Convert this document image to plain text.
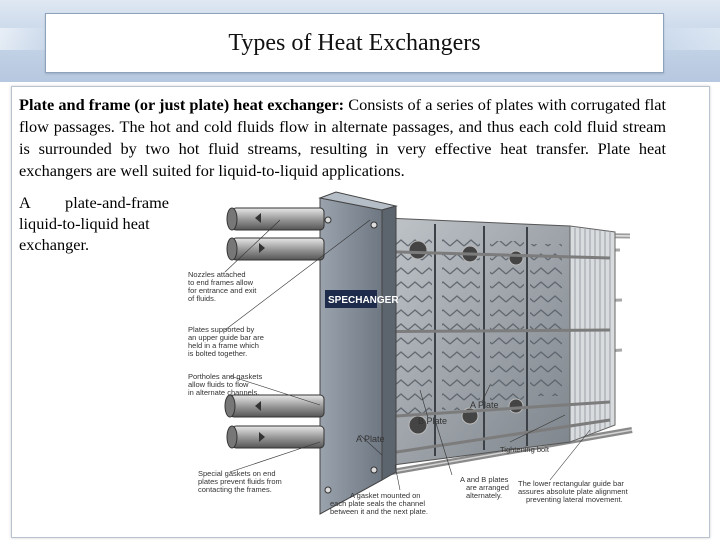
Types of Heat Exchangers
Plate and frame (or just plate) heat exchanger: Consists of a series of plates with corrugated flat flow passages. The hot and cold fluids flow in alternate passages, and thus each cold fluid stream is surrounded by two hot fluid streams, resulting in very effective heat transfer. Plate heat exchangers are well suited for liquid-to-liquid applications.
A plate-and-frame
liquid-to-liquid heat
exchanger.
SPECHANGER
Nozzles attached
to end frames allow
for entrance and exit
of fluids.
Plates supported by
an upper guide bar are
held in a frame which
is bolted together.
Portholes and gaskets
allow fluids to flow
in alternate channels.
Special gaskets on end
plates prevent fluids from
contacting the frames.
B Plate
A Plate
A Plate
Tightening bolt
A and B plates
are arranged
alternately.
A gasket mounted on
each plate seals the channel
between it and the next plate.
The lower rectangular guide bar
assures absolute plate alignment
preventing lateral movement.
